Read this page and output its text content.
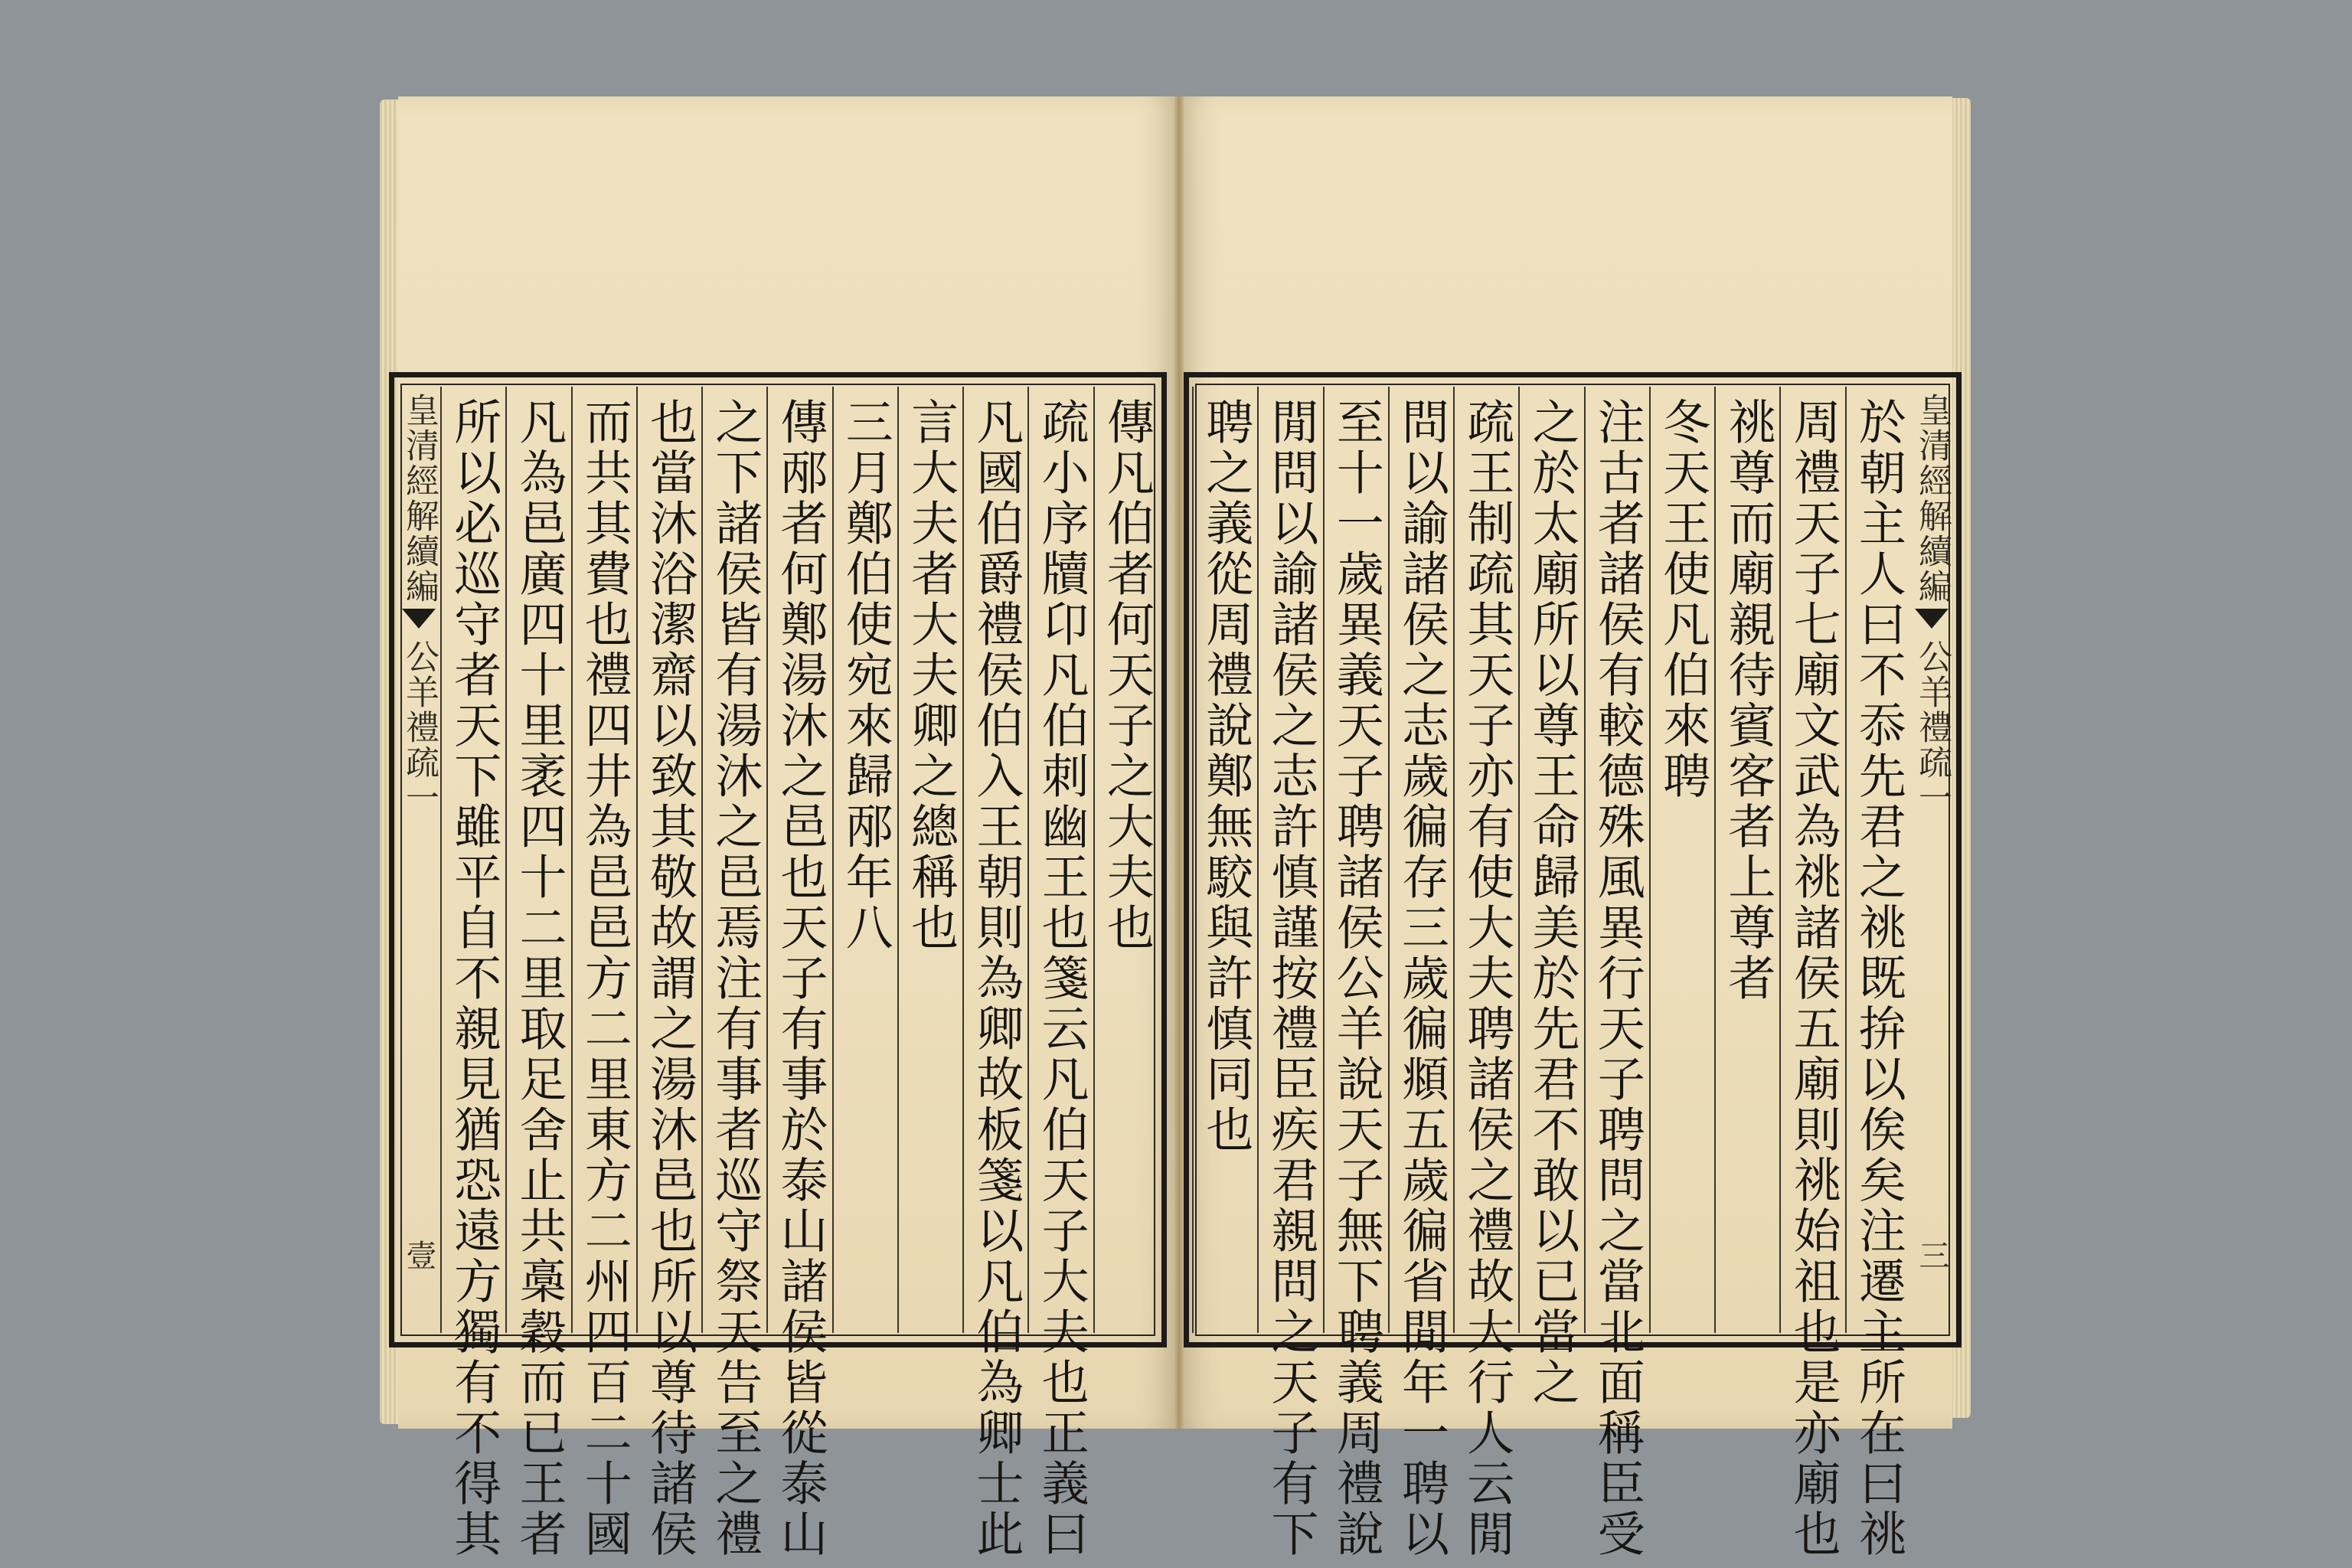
皇清經解續編
公羊禮疏一
壹
傳凡伯者何天子之大夫也
疏小序牘卬凡伯刺幽王也箋云凡伯天子大夫也正義曰
凡國伯爵禮侯伯入王朝則為卿故板箋以凡伯為卿士此
言大夫者大夫卿之總稱也
三月鄭伯使宛來歸邴年八
傳邴者何鄭湯沐之邑也天子有事於泰山諸侯皆從泰山
之下諸侯皆有湯沐之邑焉注有事者巡守祭天告至之禮
也當沐浴潔齋以致其敬故謂之湯沐邑也所以尊待諸侯
而共其費也禮四井為邑邑方二里東方二州四百二十國
凡為邑廣四十里袤四十二里取足舍止共槀穀而已王者
所以必巡守者天下雖平自不親見猶恐遠方獨有不得其	皇清經解續編
公羊禮疏一
三
於朝主人曰不忝先君之祧既拚以俟矣注遷主所在曰祧
周禮天子七廟文武為祧諸侯五廟則祧始祖也是亦廟也
祧尊而廟親待賓客者上尊者
冬天王使凡伯來聘
注古者諸侯有較德殊風異行天子聘問之當北面稱臣受
之於太廟所以尊王命歸美於先君不敢以已當之
疏王制疏其天子亦有使大夫聘諸侯之禮故大行人云閒
問以諭諸侯之志歲徧存三歲徧頫五歲徧省閒年一聘以
至十一歲異義天子聘諸侯公羊說天子無下聘義周禮說
閒問以諭諸侯之志許慎謹按禮臣疾君親問之天子有下
聘之義從周禮說鄭無駮與許慎同也
